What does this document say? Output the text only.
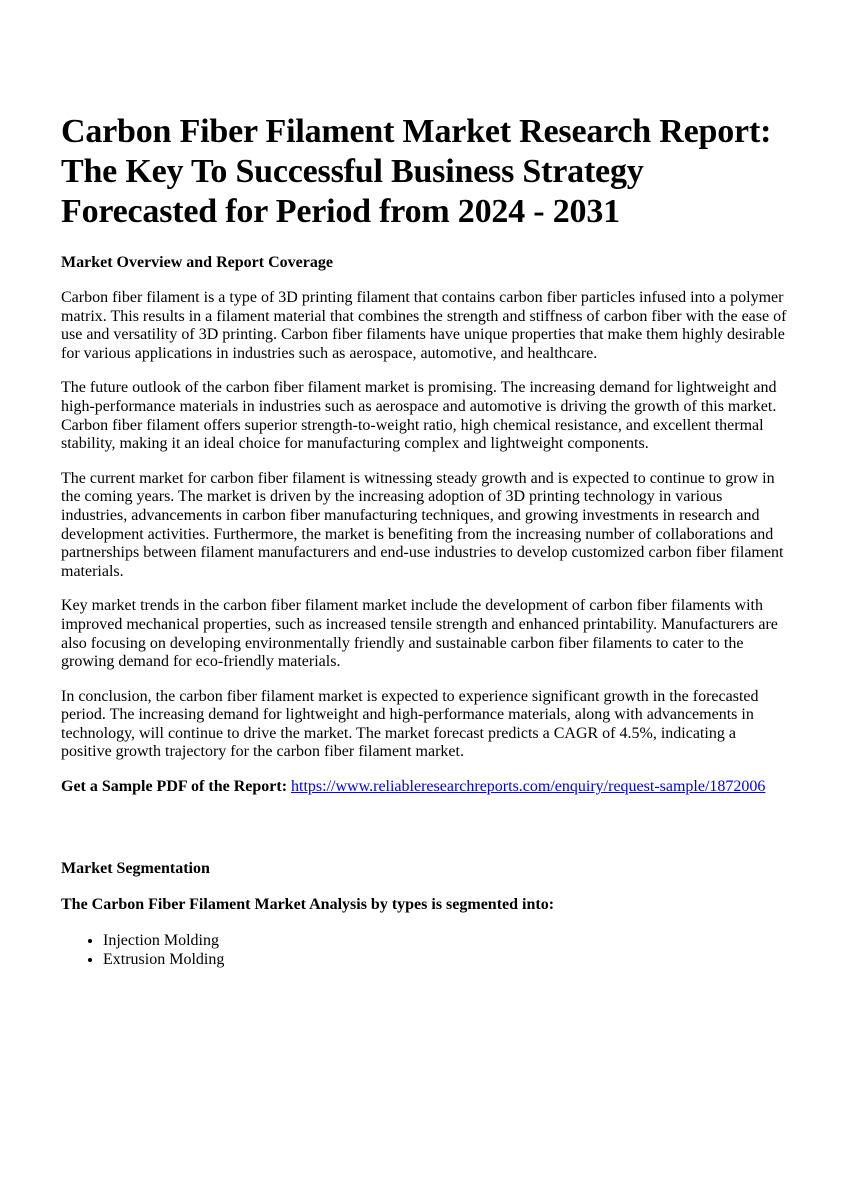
Carbon Fiber Filament Market Research Report: The Key To Successful Business Strategy Forecasted for Period from 2024 - 2031
Market Overview and Report Coverage

Carbon fiber filament is a type of 3D printing filament that contains carbon fiber particles infused into a polymer matrix. This results in a filament material that combines the strength and stiffness of carbon fiber with the ease of use and versatility of 3D printing. Carbon fiber filaments have unique properties that make them highly desirable for various applications in industries such as aerospace, automotive, and healthcare.

The future outlook of the carbon fiber filament market is promising. The increasing demand for lightweight and high-performance materials in industries such as aerospace and automotive is driving the growth of this market. Carbon fiber filament offers superior strength-to-weight ratio, high chemical resistance, and excellent thermal stability, making it an ideal choice for manufacturing complex and lightweight components.

The current market for carbon fiber filament is witnessing steady growth and is expected to continue to grow in the coming years. The market is driven by the increasing adoption of 3D printing technology in various industries, advancements in carbon fiber manufacturing techniques, and growing investments in research and development activities. Furthermore, the market is benefiting from the increasing number of collaborations and partnerships between filament manufacturers and end-use industries to develop customized carbon fiber filament materials.

Key market trends in the carbon fiber filament market include the development of carbon fiber filaments with improved mechanical properties, such as increased tensile strength and enhanced printability. Manufacturers are also focusing on developing environmentally friendly and sustainable carbon fiber filaments to cater to the growing demand for eco-friendly materials.

In conclusion, the carbon fiber filament market is expected to experience significant growth in the forecasted period. The increasing demand for lightweight and high-performance materials, along with advancements in technology, will continue to drive the market. The market forecast predicts a CAGR of 4.5%, indicating a positive growth trajectory for the carbon fiber filament market.

Get a Sample PDF of the Report: https://www.reliableresearchreports.com/enquiry/request-sample/1872006

Market Segmentation
The Carbon Fiber Filament Market Analysis by types is segmented into:
• Injection Molding
• Extrusion Molding
